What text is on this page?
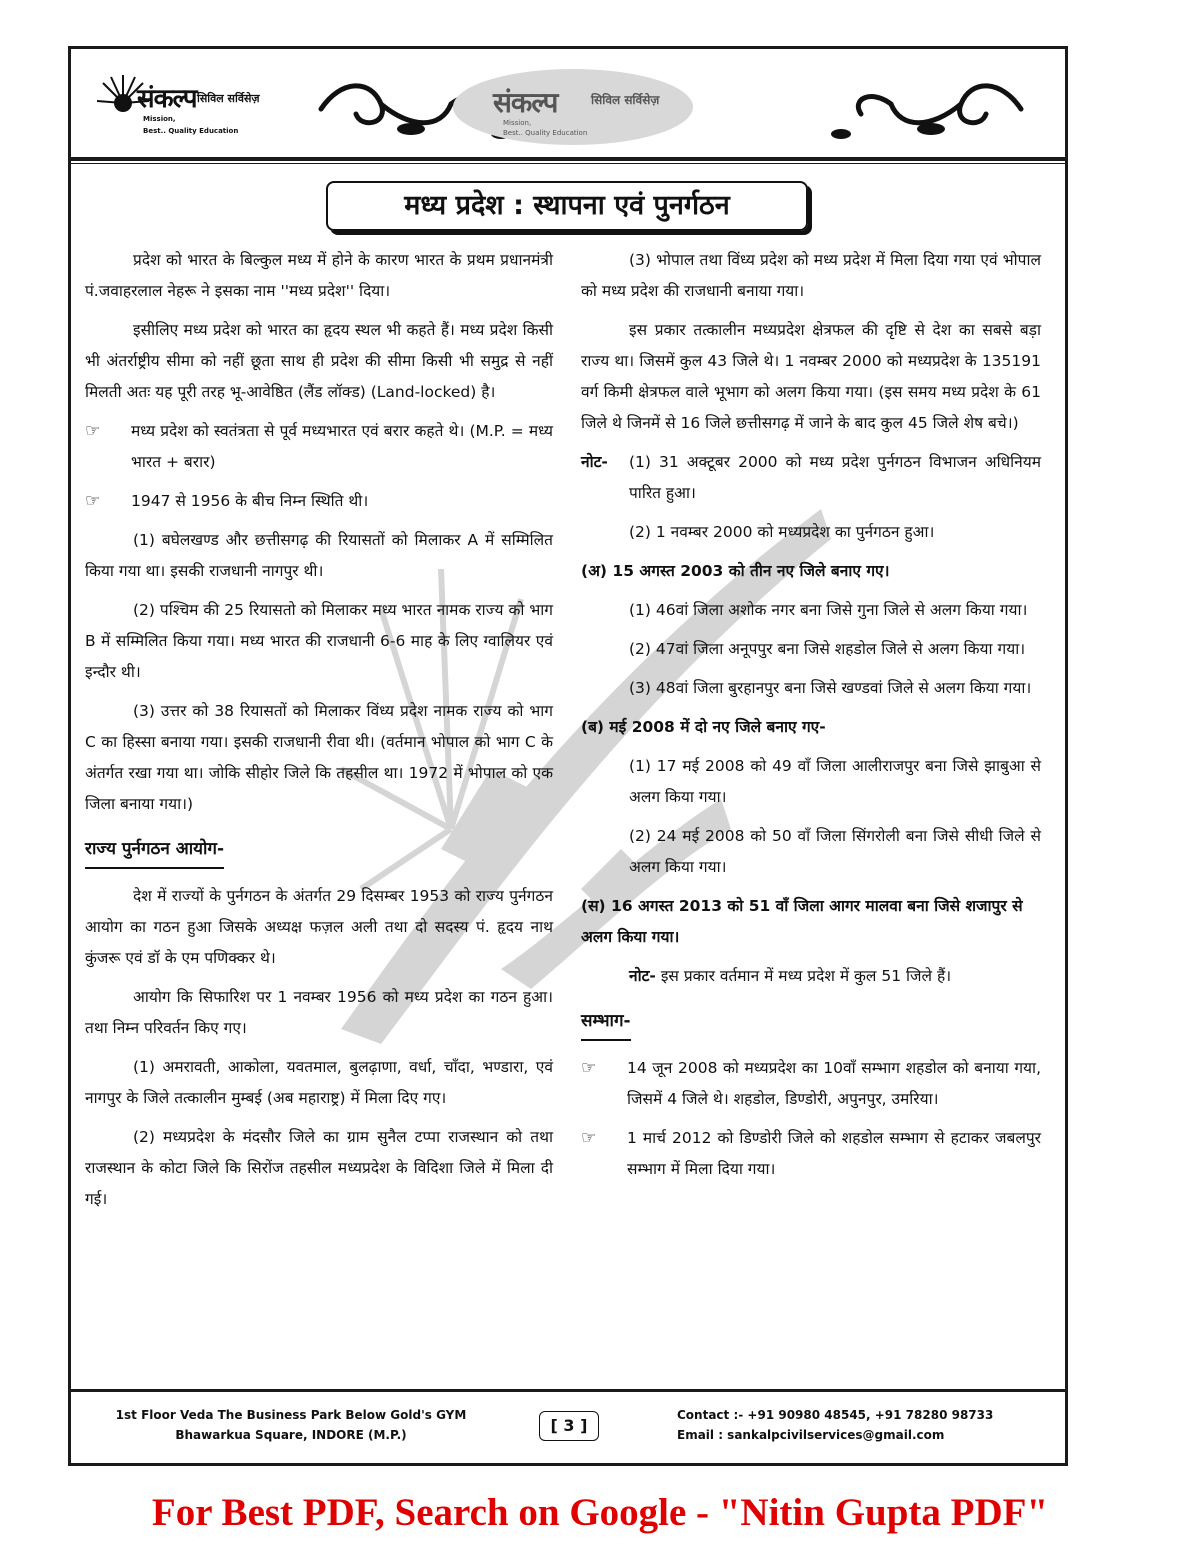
संकल्प सिविल सर्विसेज़
Mission,
Best.. Quality Education
संकल्प	सिविल सर्विसेज़
Mission,
Best.. Quality Education
मध्य प्रदेश : स्थापना एवं पुनर्गठन

प्रदेश को भारत के बिल्कुल मध्य में होने के कारण भारत के प्रथम प्रधानमंत्री पं.जवाहरलाल नेहरू ने इसका नाम ''मध्य प्रदेश'' दिया।

इसीलिए मध्य प्रदेश को भारत का हृदय स्थल भी कहते हैं। मध्य प्रदेश किसी भी अंतर्राष्ट्रीय सीमा को नहीं छूता साथ ही प्रदेश की सीमा किसी भी समुद्र से नहीं मिलती अतः यह पूरी तरह भू-आवेष्ठित (लैंड लॉक्ड) (Land-locked) है।

☞ मध्य प्रदेश को स्वतंत्रता से पूर्व मध्यभारत एवं बरार कहते थे। (M.P. = मध्य भारत + बरार)
☞ 1947 से 1956 के बीच निम्न स्थिति थी।

(1) बघेलखण्ड और छत्तीसगढ़ की रियासतों को मिलाकर A में सम्मिलित किया गया था। इसकी राजधानी नागपुर थी।

(2) पश्चिम की 25 रियासतो को मिलाकर मध्य भारत नामक राज्य को भाग B में सम्मिलित किया गया। मध्य भारत की राजधानी 6-6 माह के लिए ग्वालियर एवं इन्दौर थी।

(3) उत्तर को 38 रियासतों को मिलाकर विंध्य प्रदेश नामक राज्य को भाग C का हिस्सा बनाया गया। इसकी राजधानी रीवा थी। (वर्तमान भोपाल को भाग C के अंतर्गत रखा गया था। जोकि सीहोर जिले कि तहसील था। 1972 में भोपाल को एक जिला बनाया गया।)

राज्य पुर्नगठन आयोग-

देश में राज्यों के पुर्नगठन के अंतर्गत 29 दिसम्बर 1953 को राज्य पुर्नगठन आयोग का गठन हुआ जिसके अध्यक्ष फज़ल अली तथा दो सदस्य पं. हृदय नाथ कुंजरू एवं डॉ के एम पणिक्कर थे।

आयोग कि सिफारिश पर 1 नवम्बर 1956 को मध्य प्रदेश का गठन हुआ। तथा निम्न परिवर्तन किए गए।

(1) अमरावती, आकोला, यवतमाल, बुलढ़ाणा, वर्धा, चाँदा, भण्डारा, एवं नागपुर के जिले तत्कालीन मुम्बई (अब महाराष्ट्र) में मिला दिए गए।

(2) मध्यप्रदेश के मंदसौर जिले का ग्राम सुनैल टप्पा राजस्थान को तथा राजस्थान के कोटा जिले कि सिरोंज तहसील मध्यप्रदेश के विदिशा जिले में मिला दी गई।

(3) भोपाल तथा विंध्य प्रदेश को मध्य प्रदेश में मिला दिया गया एवं भोपाल को मध्य प्रदेश की राजधानी बनाया गया।

इस प्रकार तत्कालीन मध्यप्रदेश क्षेत्रफल की दृष्टि से देश का सबसे बड़ा राज्य था। जिसमें कुल 43 जिले थे। 1 नवम्बर 2000 को मध्यप्रदेश के 135191 वर्ग किमी क्षेत्रफल वाले भूभाग को अलग किया गया। (इस समय मध्य प्रदेश के 61 जिले थे जिनमें से 16 जिले छत्तीसगढ़ में जाने के बाद कुल 45 जिले शेष बचे।)

नोट- (1) 31 अक्टूबर 2000 को मध्य प्रदेश पुर्नगठन विभाजन अधिनियम पारित हुआ।

(2) 1 नवम्बर 2000 को मध्यप्रदेश का पुर्नगठन हुआ।

(अ) 15 अगस्त 2003 को तीन नए जिले बनाए गए।

(1) 46वां जिला अशोक नगर बना जिसे गुना जिले से अलग किया गया।

(2) 47वां जिला अनूपपुर बना जिसे शहडोल जिले से अलग किया गया।

(3) 48वां जिला बुरहानपुर बना जिसे खण्डवां जिले से अलग किया गया।

(ब) मई 2008 में दो नए जिले बनाए गए-

(1) 17 मई 2008 को 49 वाँ जिला आलीराजपुर बना जिसे झाबुआ से अलग किया गया।

(2) 24 मई 2008 को 50 वाँ जिला सिंगरोली बना जिसे सीधी जिले से अलग किया गया।

(स) 16 अगस्त 2013 को 51 वाँ जिला आगर मालवा बना जिसे शजापुर से अलग किया गया।

नोट- इस प्रकार वर्तमान में मध्य प्रदेश में कुल 51 जिले हैं।

सम्भाग-
☞ 14 जून 2008 को मध्यप्रदेश का 10वाँ सम्भाग शहडोल को बनाया गया, जिसमें 4 जिले थे। शहडोल, डिण्डोरी, अपुनपुर, उमरिया।
☞ 1 मार्च 2012 को डिण्डोरी जिले को शहडोल सम्भाग से हटाकर जबलपुर सम्भाग में मिला दिया गया।
1st Floor Veda The Business Park Below Gold's GYM
Bhawarkua Square, INDORE (M.P.)	[ 3 ]
Contact :- +91 90980 48545, +91 78280 98733
Email : sankalpcivilservices@gmail.com
For Best PDF, Search on Google - "Nitin Gupta PDF"
